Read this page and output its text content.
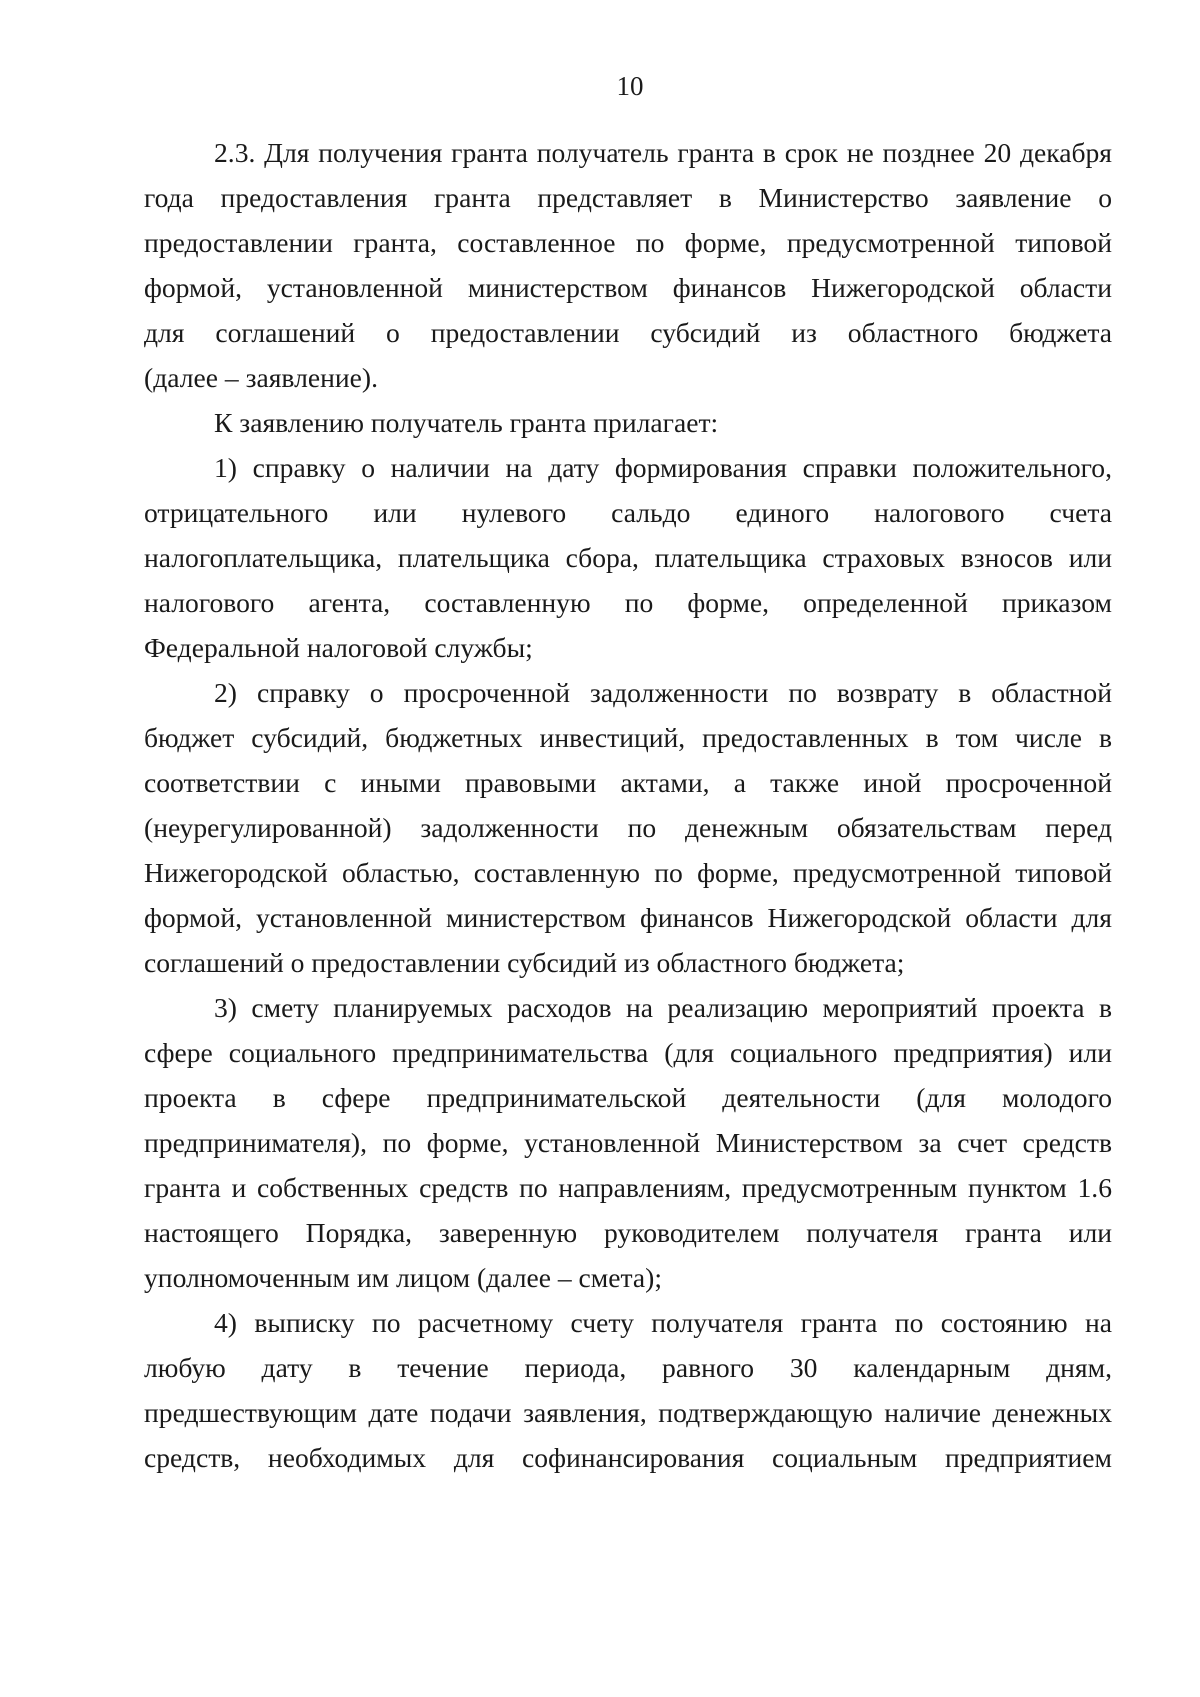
10
2.3. Для получения гранта получатель гранта в срок не позднее 20 декабря
года предоставления гранта представляет в Министерство заявление о
предоставлении гранта, составленное по форме, предусмотренной типовой
формой, установленной министерством финансов Нижегородской области
для соглашений о предоставлении субсидий из областного бюджета
(далее – заявление).
К заявлению получатель гранта прилагает:
1) справку о наличии на дату формирования справки положительного,
отрицательного или нулевого сальдо единого налогового счета
налогоплательщика, плательщика сбора, плательщика страховых взносов или
налогового агента, составленную по форме, определенной приказом
Федеральной налоговой службы;
2) справку о просроченной задолженности по возврату в областной
бюджет субсидий, бюджетных инвестиций, предоставленных в том числе в
соответствии с иными правовыми актами, а также иной просроченной
(неурегулированной) задолженности по денежным обязательствам перед
Нижегородской областью, составленную по форме, предусмотренной типовой
формой, установленной министерством финансов Нижегородской области для
соглашений о предоставлении субсидий из областного бюджета;
3) смету планируемых расходов на реализацию мероприятий проекта в
сфере социального предпринимательства (для социального предприятия) или
проекта в сфере предпринимательской деятельности (для молодого
предпринимателя), по форме, установленной Министерством за счет средств
гранта и собственных средств по направлениям, предусмотренным пунктом 1.6
настоящего Порядка, заверенную руководителем получателя гранта или
уполномоченным им лицом (далее – смета);
4) выписку по расчетному счету получателя гранта по состоянию на
любую дату в течение периода, равного 30 календарным дням,
предшествующим дате подачи заявления, подтверждающую наличие денежных
средств, необходимых для софинансирования социальным предприятием
